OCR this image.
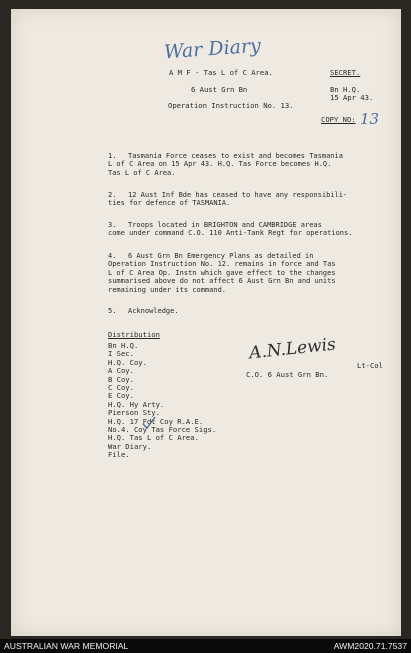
War Diary
A M F - Tas L of C Area.	SECRET.
6 Aust Grn Bn	Bn H.Q.
15 Apr 43.
Operation Instruction No. 13.
COPY NO: 13
1. Tasmania Force ceases to exist and becomes Tasmania
L of C Area on 15 Apr 43. H.Q. Tas Force becomes H.Q.
Tas L of C Area.
2. 12 Aust Inf Bde has ceased to have any responsibili-
ties for defence of TASMANIA.
3. Troops located in BRIGHTON and CAMBRIDGE areas
come under command C.O. 110 Anti-Tank Regt for operations.
4. 6 Aust Grn Bn Emergency Plans as detailed in
Operation Instruction No. 12. remains in force and Tas
L of C Area Op. Instn which gave effect to the changes
summarised above do not affect 6 Aust Grn Bn and units
remaining under its command.
5. Acknowledge.
Distribution
Bn H.Q.
I Sec.
H.Q. Coy.
A Coy.
B Coy.
C Coy.
E Coy.
H.Q. Hy Arty.
Pierson Sty.
H.Q. 17 Fdt Coy R.A.E.
No.4. Coy Tas Force Sigs.
H.Q. Tas L of C Area.
War Diary.
File.
A.N.Lewis
Lt-Col
C.O. 6 Aust Grn Bn.
AUSTRALIAN WAR MEMORIAL	AWM2020.71.7537
